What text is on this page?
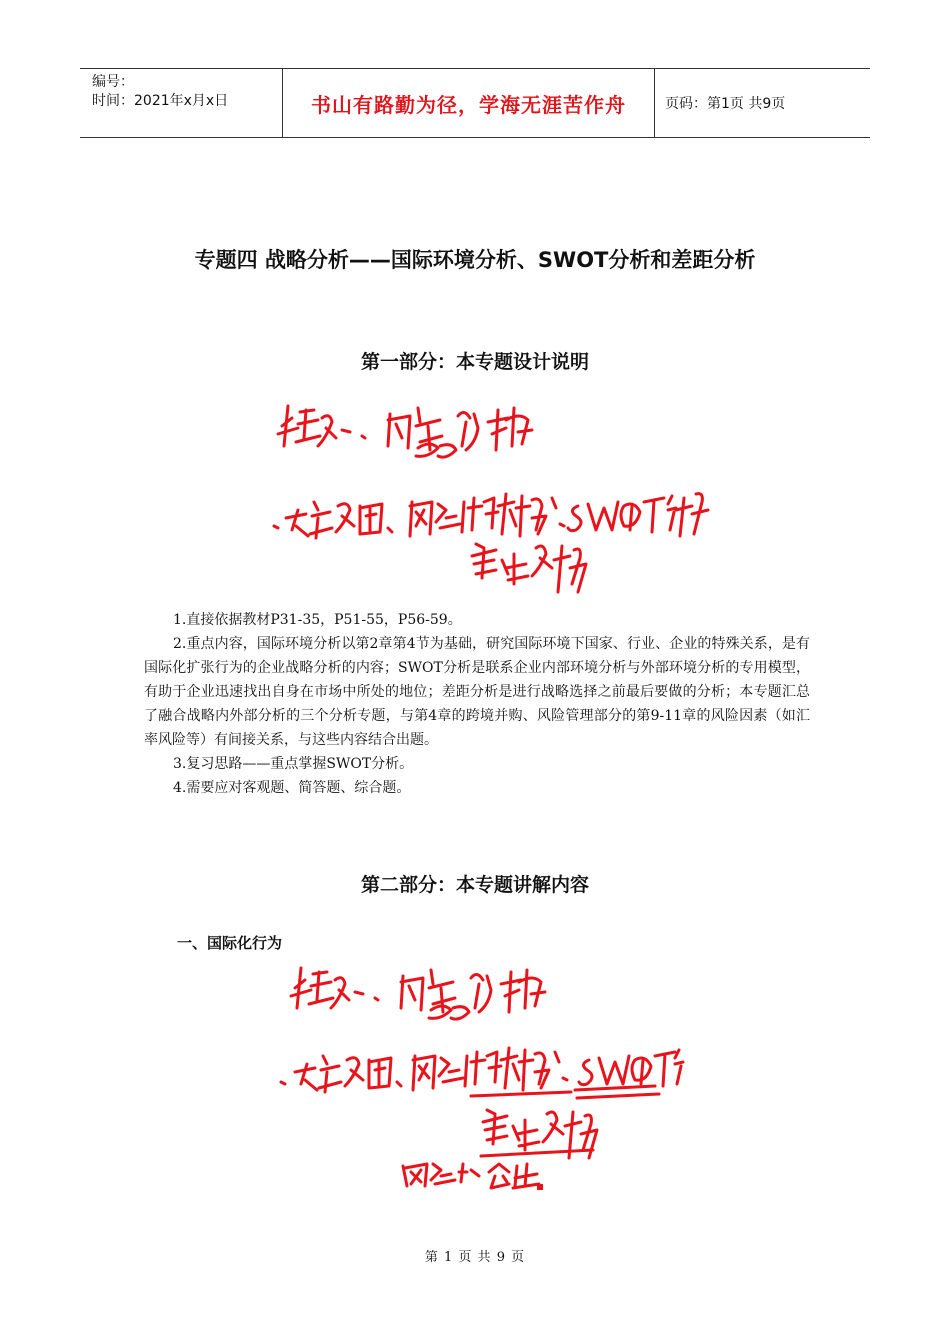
编号：
时间：2021年x月x日	书山有路勤为径，学海无涯苦作舟	页码：第1页 共9页
专题四 战略分析——国际环境分析、SWOT分析和差距分析
第一部分：本专题设计说明

1.直接依据教材P31-35，P51-55，P56-59。

2.重点内容，国际环境分析以第2章第4节为基础，研究国际环境下国家、行业、企业的特殊关系，是有国际化扩张行为的企业战略分析的内容；SWOT分析是联系企业内部环境分析与外部环境分析的专用模型，有助于企业迅速找出自身在市场中所处的地位；差距分析是进行战略选择之前最后要做的分析；本专题汇总了融合战略内外部分析的三个分析专题，与第4章的跨境并购、风险管理部分的第9-11章的风险因素（如汇率风险等）有间接关系，与这些内容结合出题。

3.复习思路——重点掌握SWOT分析。

4.需要应对客观题、简答题、综合题。

第二部分：本专题讲解内容
一、国际化行为
第 1 页 共 9 页
